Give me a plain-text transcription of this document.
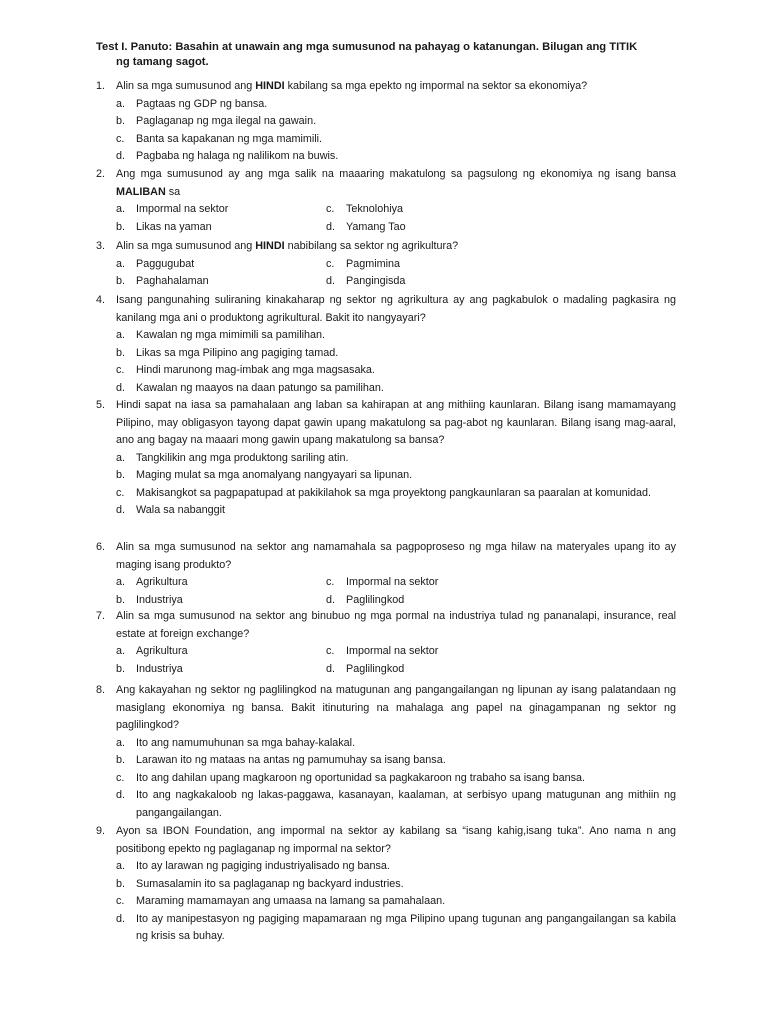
Test I. Panuto: Basahin at unawain ang mga sumusunod na pahayag o katanungan. Bilugan ang TITIK
ng tamang sagot.
1.	Alin sa mga sumusunod ang HINDI kabilang sa mga epekto ng impormal na sektor sa ekonomiya?
a.	Pagtaas ng GDP ng bansa.
b.	Paglaganap ng mga ilegal na gawain.
c.	Banta sa kapakanan ng mga mamimili.
d.	Pagbaba ng halaga ng nalilikom na buwis.
2.	Ang mga sumusunod ay ang mga salik na maaaring makatulong sa pagsulong ng ekonomiya ng isang bansa MALIBAN sa
a.	Impormal na sektor	c.	Teknolohiya
b.	Likas na yaman	d.	Yamang Tao
3.	Alin sa mga sumusunod ang HINDI nabibilang sa sektor ng agrikultura?
a.	Paggugubat	c.	Pagmimina
b.	Paghahalaman	d.	Pangingisda
4.	Isang pangunahing suliraning kinakaharap ng sektor ng agrikultura ay ang pagkabulok o madaling pagkasira ng kanilang mga ani o produktong agrikultural. Bakit ito nangyayari?
a.	Kawalan ng mga mimimili sa pamilihan.
b.	Likas sa mga Pilipino ang pagiging tamad.
c.	Hindi marunong mag-imbak ang mga magsasaka.
d.	Kawalan ng maayos na daan patungo sa pamilihan.
5.	Hindi sapat na iasa sa pamahalaan ang laban sa kahirapan at ang mithiing kaunlaran. Bilang isang mamamayang Pilipino, may obligasyon tayong dapat gawin upang makatulong sa pag-abot ng kaunlaran. Bilang isang mag-aaral, ano ang bagay na maaari mong gawin upang makatulong sa bansa?
a.	Tangkilikin ang mga produktong sariling atin.
b.	Maging mulat sa mga anomalyang nangyayari sa lipunan.
c.	Makisangkot sa pagpapatupad at pakikilahok sa mga proyektong pangkaunlaran sa paaralan at komunidad.
d.	Wala sa nabanggit
6.	Alin sa mga sumusunod na sektor ang namamahala sa pagpoproseso ng mga hilaw na materyales upang ito ay maging isang produkto?
a.	Agrikultura	c.	Impormal na sektor
b.	Industriya	d.	Paglilingkod
7.	Alin sa mga sumusunod na sektor ang binubuo ng mga pormal na industriya tulad ng pananalapi, insurance, real estate at foreign exchange?
a.	Agrikultura	c.	Impormal na sektor
b.	Industriya	d.	Paglilingkod
8.	Ang kakayahan ng sektor ng paglilingkod na matugunan ang pangangailangan ng lipunan ay isang palatandaan ng masiglang ekonomiya ng bansa. Bakit itinuturing na mahalaga ang papel na ginagampanan ng sektor ng paglilingkod?
a.	Ito ang namumuhunan sa mga bahay-kalakal.
b.	Larawan ito ng mataas na antas ng pamumuhay sa isang bansa.
c.	Ito ang dahilan upang magkaroon ng oportunidad sa pagkakaroon ng trabaho sa isang bansa.
d.	Ito ang nagkakaloob ng lakas-paggawa, kasanayan, kaalaman, at serbisyo upang matugunan ang mithiin ng pangangailangan.
9.	Ayon sa IBON Foundation, ang impormal na sektor ay kabilang sa “isang kahig,isang tuka”. Ano nama n ang positibong epekto ng paglaganap ng impormal na sektor?
a.	Ito ay larawan ng pagiging industriyalisado ng bansa.
b.	Sumasalamin ito sa paglaganap ng backyard industries.
c.	Maraming mamamayan ang umaasa na lamang sa pamahalaan.
d.	Ito ay manipestasyon ng pagiging mapamaraan ng mga Pilipino upang tugunan ang pangangailangan sa kabila ng krisis sa buhay.
